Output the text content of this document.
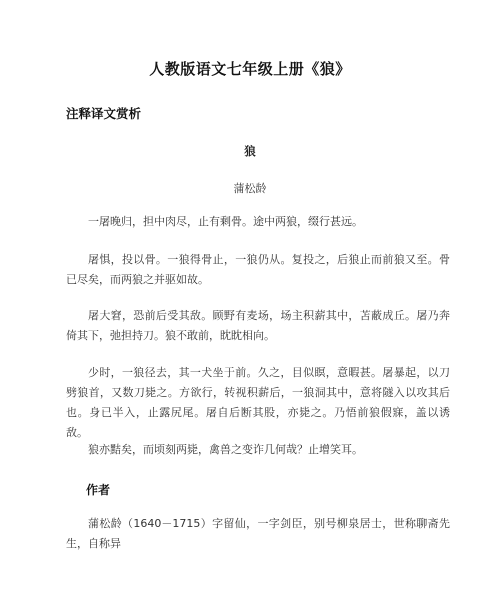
人教版语文七年级上册《狼》
注释译文赏析
狼

蒲松龄

一屠晚归，担中肉尽，止有剩骨。途中两狼，缀行甚远。

屠惧，投以骨。一狼得骨止，一狼仍从。复投之，后狼止而前狼又至。骨已尽矣，而两狼之并驱如故。

屠大窘，恐前后受其敌。顾野有麦场，场主积薪其中，苫蔽成丘。屠乃奔倚其下，弛担持刀。狼不敢前，眈眈相向。

少时，一狼径去，其一犬坐于前。久之，目似瞑，意暇甚。屠暴起，以刀劈狼首，又数刀毙之。方欲行，转视积薪后，一狼洞其中，意将隧入以攻其后也。身已半入，止露尻尾。屠自后断其股，亦毙之。乃悟前狼假寐，盖以诱敌。

狼亦黠矣，而顷刻两毙，禽兽之变诈几何哉？止增笑耳。

作者

蒲松龄（1640－1715）字留仙，一字剑臣，别号柳泉居士，世称聊斋先生，自称异
